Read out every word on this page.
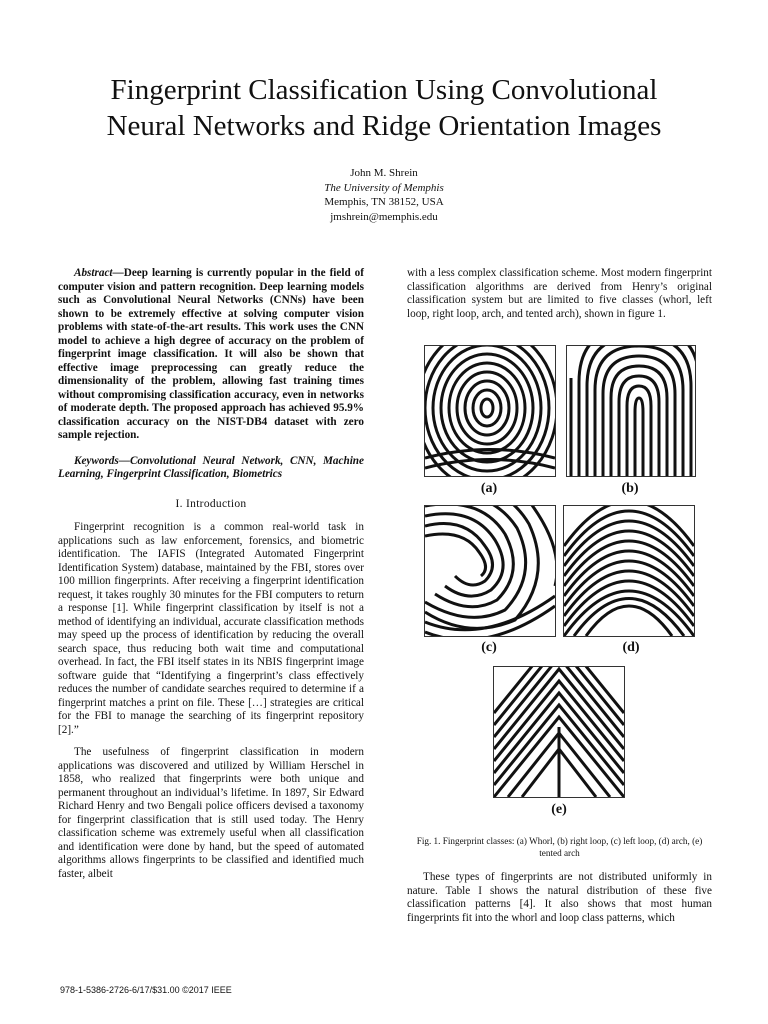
Fingerprint Classification Using Convolutional
Neural Networks and Ridge Orientation Images
John M. Shrein
The University of Memphis
Memphis, TN 38152, USA
jmshrein@memphis.edu

Abstract—Deep learning is currently popular in the field of computer vision and pattern recognition. Deep learning models such as Convolutional Neural Networks (CNNs) have been shown to be extremely effective at solving computer vision problems with state-of-the-art results. This work uses the CNN model to achieve a high degree of accuracy on the problem of fingerprint image classification. It will also be shown that effective image preprocessing can greatly reduce the dimensionality of the problem, allowing fast training times without compromising classification accuracy, even in networks of moderate depth. The proposed approach has achieved 95.9% classification accuracy on the NIST-DB4 dataset with zero sample rejection.

Keywords—Convolutional Neural Network, CNN, Machine Learning, Fingerprint Classification, Biometrics

I. Introduction

Fingerprint recognition is a common real-world task in applications such as law enforcement, forensics, and biometric identification. The IAFIS (Integrated Automated Fingerprint Identification System) database, maintained by the FBI, stores over 100 million fingerprints. After receiving a fingerprint identification request, it takes roughly 30 minutes for the FBI computers to return a response [1]. While fingerprint classification by itself is not a method of identifying an individual, accurate classification methods may speed up the process of identification by reducing the overall search space, thus reducing both wait time and computational overhead. In fact, the FBI itself states in its NBIS fingerprint image software guide that “Identifying a fingerprint’s class effectively reduces the number of candidate searches required to determine if a fingerprint matches a print on file. These […] strategies are critical for the FBI to manage the searching of its fingerprint repository [2].”

The usefulness of fingerprint classification in modern applications was discovered and utilized by William Herschel in 1858, who realized that fingerprints were both unique and permanent throughout an individual’s lifetime. In 1897, Sir Edward Richard Henry and two Bengali police officers devised a taxonomy for fingerprint classification that is still used today. The Henry classification scheme was extremely useful when all classification and identification were done by hand, but the speed of automated algorithms allows fingerprints to be classified and identified much faster, albeit

with a less complex classification scheme. Most modern fingerprint classification algorithms are derived from Henry’s original classification system but are limited to five classes (whorl, left loop, right loop, arch, and tented arch), shown in figure 1.

(a)	(b)
(c)	(d)
(e)
Fig. 1. Fingerprint classes: (a) Whorl, (b) right loop, (c) left loop, (d) arch, (e) tented arch

These types of fingerprints are not distributed uniformly in nature. Table I shows the natural distribution of these five classification patterns [4]. It also shows that most human fingerprints fit into the whorl and loop class patterns, which

978-1-5386-2726-6/17/$31.00 ©2017 IEEE
